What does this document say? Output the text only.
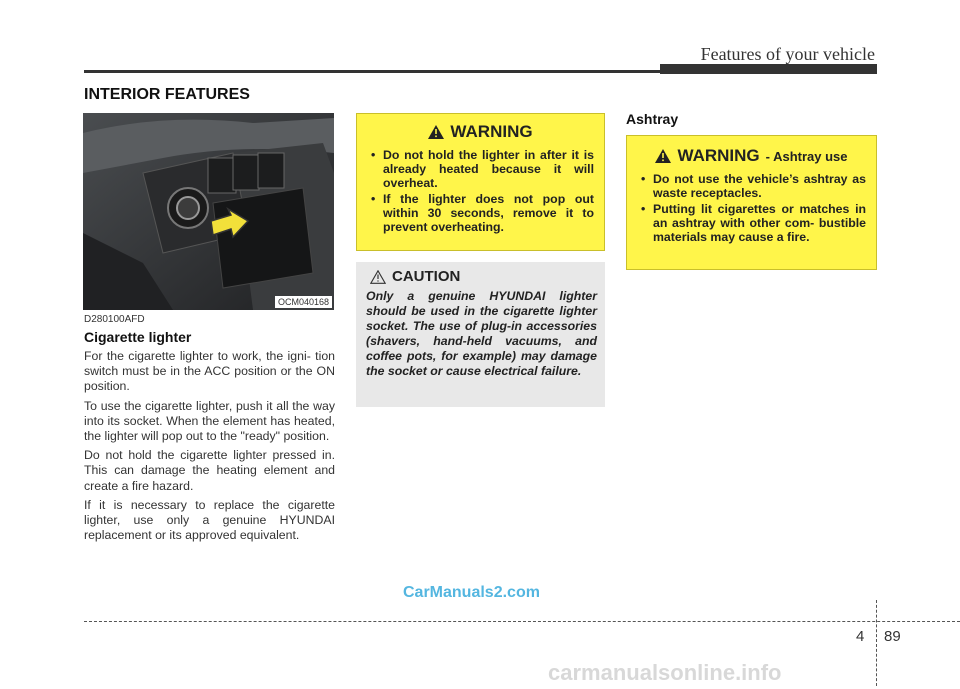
Features of your vehicle
INTERIOR FEATURES
OCM040168
D280100AFD
Cigarette lighter

For the cigarette lighter to work, the igni- tion switch must be in the ACC position or the ON position.

To use the cigarette lighter, push it all the way into its socket. When the element has heated, the lighter will pop out to the "ready" position.

Do not hold the cigarette lighter pressed in. This can damage the heating element and create a fire hazard.

If it is necessary to replace the cigarette lighter, use only a genuine HYUNDAI replacement or its approved equivalent.

WARNING
• Do not hold the lighter in after it is already heated because it will overheat.
• If the lighter does not pop out within 30 seconds, remove it to prevent overheating.
CAUTION

Only a genuine HYUNDAI lighter should be used in the cigarette lighter socket. The use of plug-in accessories (shavers, hand-held vacuums, and coffee pots, for example) may damage the socket or cause electrical failure.

Ashtray
WARNING - Ashtray use
• Do not use the vehicle’s ashtray as waste receptacles.
• Putting lit cigarettes or matches in an ashtray with other com- bustible materials may cause a fire.
CarManuals2.com
4 89
carmanualsonline.info
